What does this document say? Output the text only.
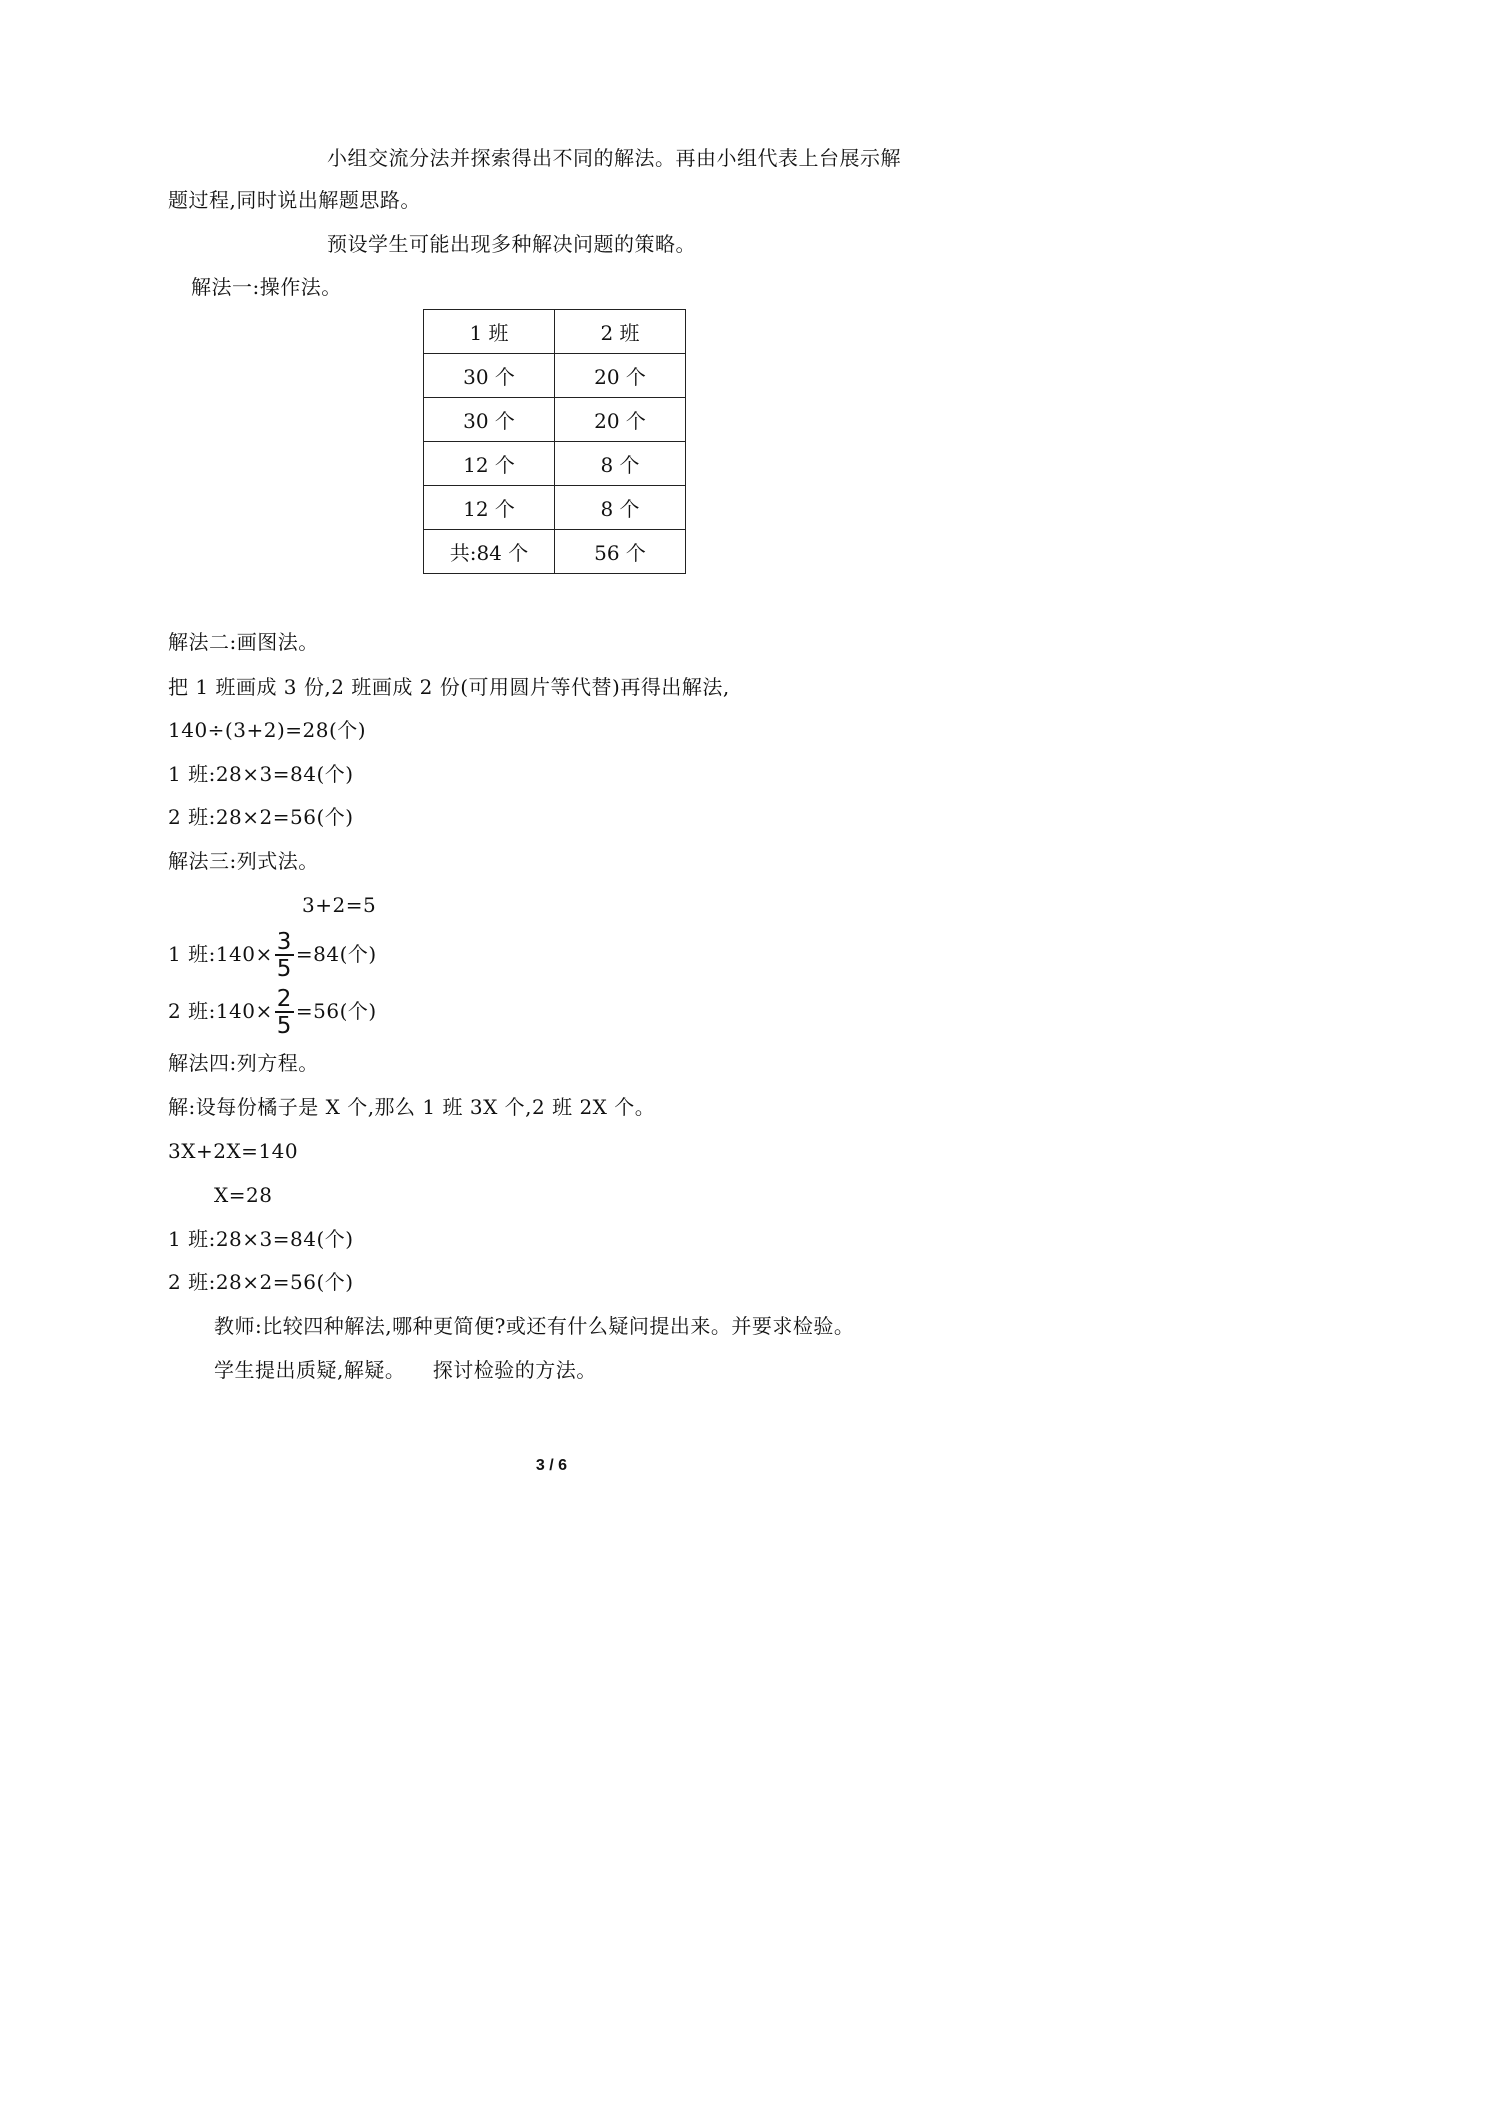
小组交流分法并探索得出不同的解法。再由小组代表上台展示解
题过程,同时说出解题思路。
预设学生可能出现多种解决问题的策略。
解法一:操作法。
1 班	2 班
30 个	20 个
30 个	20 个
12 个	8 个
12 个	8 个
共:84 个	56 个
解法二:画图法。
把 1 班画成 3 份,2 班画成 2 份(可用圆片等代替)再得出解法,
140÷(3+2)=28(个)
1 班:28×3=84(个)
2 班:28×2=56(个)
解法三:列式法。
3+2=5
1 班:140× $\frac{3}{5} =84$(个)
2 班:140× $\frac{2}{5} =56$(个)
解法四:列方程。
解:设每份橘子是 X 个,那么 1 班 3X 个,2 班 2X 个。
3X+2X=140
X=28
1 班:28×3=84(个)
2 班:28×2=56(个)
教师:比较四种解法,哪种更简便?或还有什么疑问提出来。并要求检验。
学生提出质疑,解疑。    探讨检验的方法。
3 / 6
